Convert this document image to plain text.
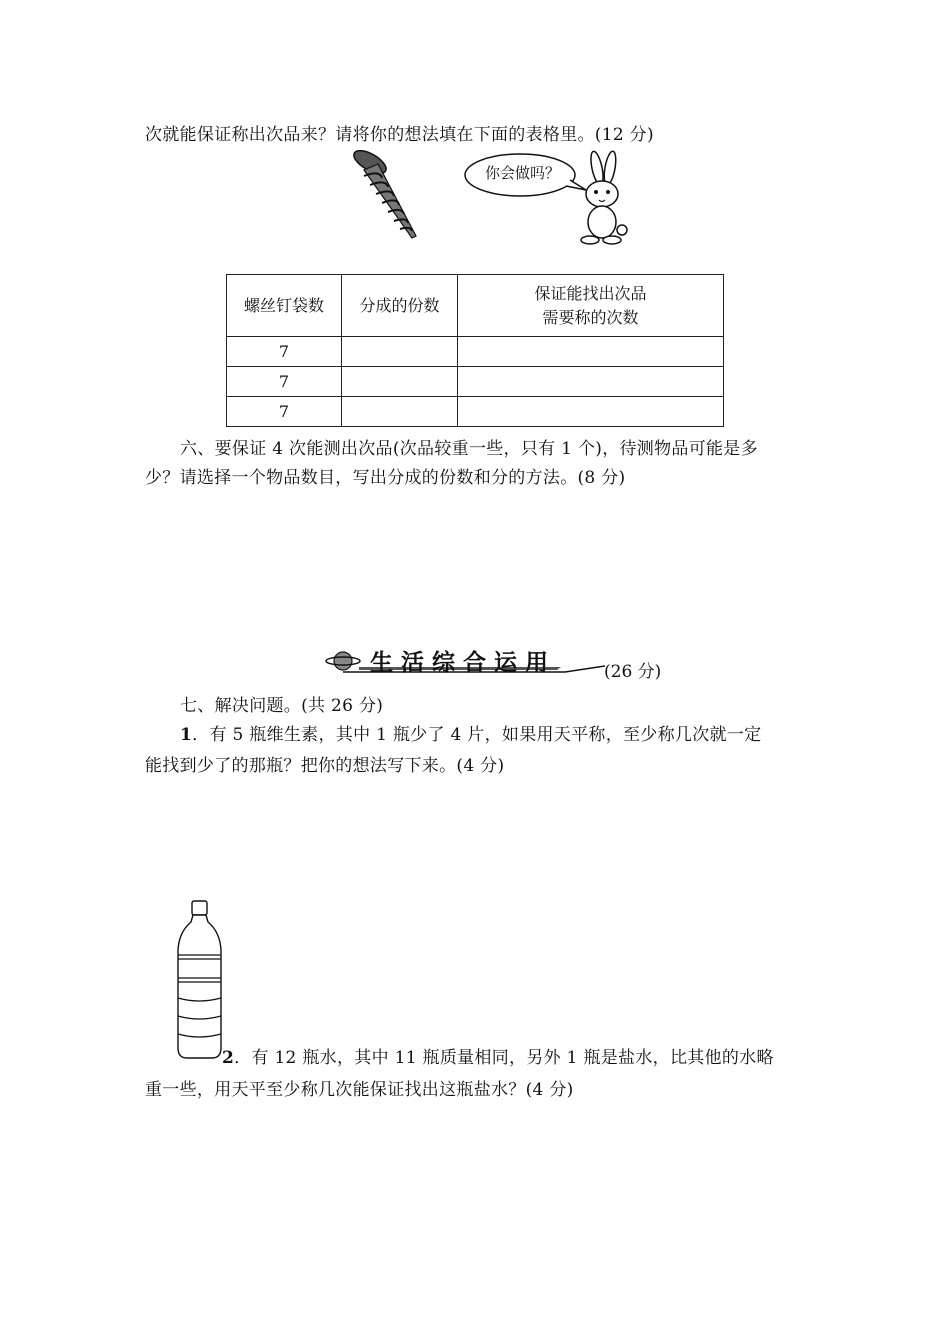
次就能保证称出次品来？请将你的想法填在下面的表格里。(12 分)
你会做吗？
螺丝钉袋数	分成的份数	保证能找出次品
需要称的次数
7		
7		
7		
六、要保证 4 次能测出次品(次品较重一些，只有 1 个)，待测物品可能是多
少？请选择一个物品数目，写出分成的份数和分的方法。(8 分)
生活综合运用	(26 分)
七、解决问题。(共 26 分)
1．有 5 瓶维生素，其中 1 瓶少了 4 片，如果用天平称，至少称几次就一定
能找到少了的那瓶？把你的想法写下来。(4 分)
2．有 12 瓶水，其中 11 瓶质量相同，另外 1 瓶是盐水，比其他的水略
重一些，用天平至少称几次能保证找出这瓶盐水？(4 分)
